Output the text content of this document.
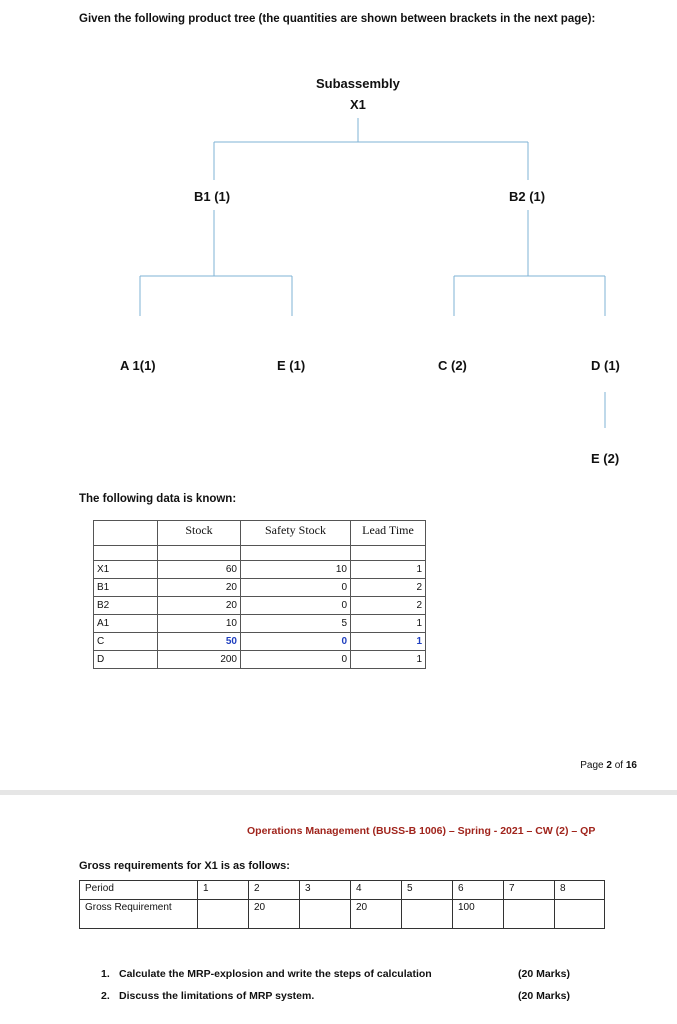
Given the following product tree (the quantities are shown between brackets in the next page):
Subassembly
X1
B1 (1)	B2 (1)
A 1(1)	E (1)	C (2)	D (1)
E (2)
The following data is known:
	Stock	Safety Stock	Lead Time

X1	60	10	1
B1	20	0	2
B2	20	0	2
A1	10	5	1
C	50	0	1
D	200	0	1
Page 2 of 16
Operations Management (BUSS-B 1006) – Spring - 2021 – CW (2) – QP
Gross requirements for X1 is as follows:
Period	1	2	3	4	5	6	7	8
Gross Requirement		20		20		100		
1. Calculate the MRP-explosion and write the steps of calculation	(20 Marks)
2. Discuss the limitations of MRP system.	(20 Marks)
